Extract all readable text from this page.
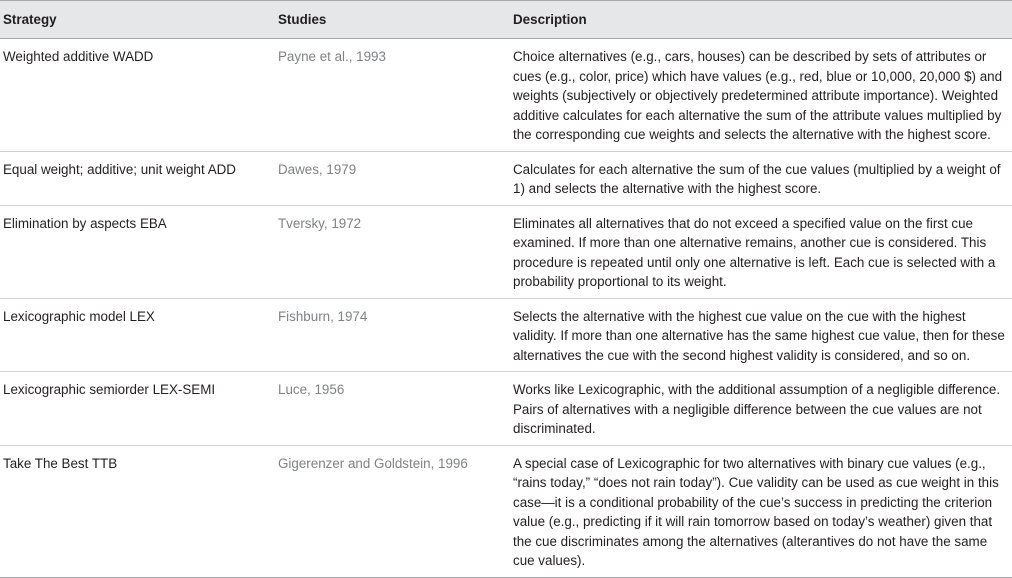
Strategy	Studies	Description
Weighted additive WADD	Payne et al., 1993	Choice alternatives (e.g., cars, houses) can be described by sets of attributes or cues (e.g., color, price) which have values (e.g., red, blue or 10,000, 20,000 $) and weights (subjectively or objectively predetermined attribute importance). Weighted additive calculates for each alternative the sum of the attribute values multiplied by the corresponding cue weights and selects the alternative with the highest score.
Equal weight; additive; unit weight ADD	Dawes, 1979	Calculates for each alternative the sum of the cue values (multiplied by a weight of 1) and selects the alternative with the highest score.
Elimination by aspects EBA	Tversky, 1972	Eliminates all alternatives that do not exceed a specified value on the first cue examined. If more than one alternative remains, another cue is considered. This procedure is repeated until only one alternative is left. Each cue is selected with a probability proportional to its weight.
Lexicographic model LEX	Fishburn, 1974	Selects the alternative with the highest cue value on the cue with the highest validity. If more than one alternative has the same highest cue value, then for these alternatives the cue with the second highest validity is considered, and so on.
Lexicographic semiorder LEX-SEMI	Luce, 1956	Works like Lexicographic, with the additional assumption of a negligible difference. Pairs of alternatives with a negligible difference between the cue values are not discriminated.
Take The Best TTB	Gigerenzer and Goldstein, 1996	A special case of Lexicographic for two alternatives with binary cue values (e.g., “rains today,” “does not rain today”). Cue validity can be used as cue weight in this case—it is a conditional probability of the cue’s success in predicting the criterion value (e.g., predicting if it will rain tomorrow based on today’s weather) given that the cue discriminates among the alternatives (alterantives do not have the same cue values).
